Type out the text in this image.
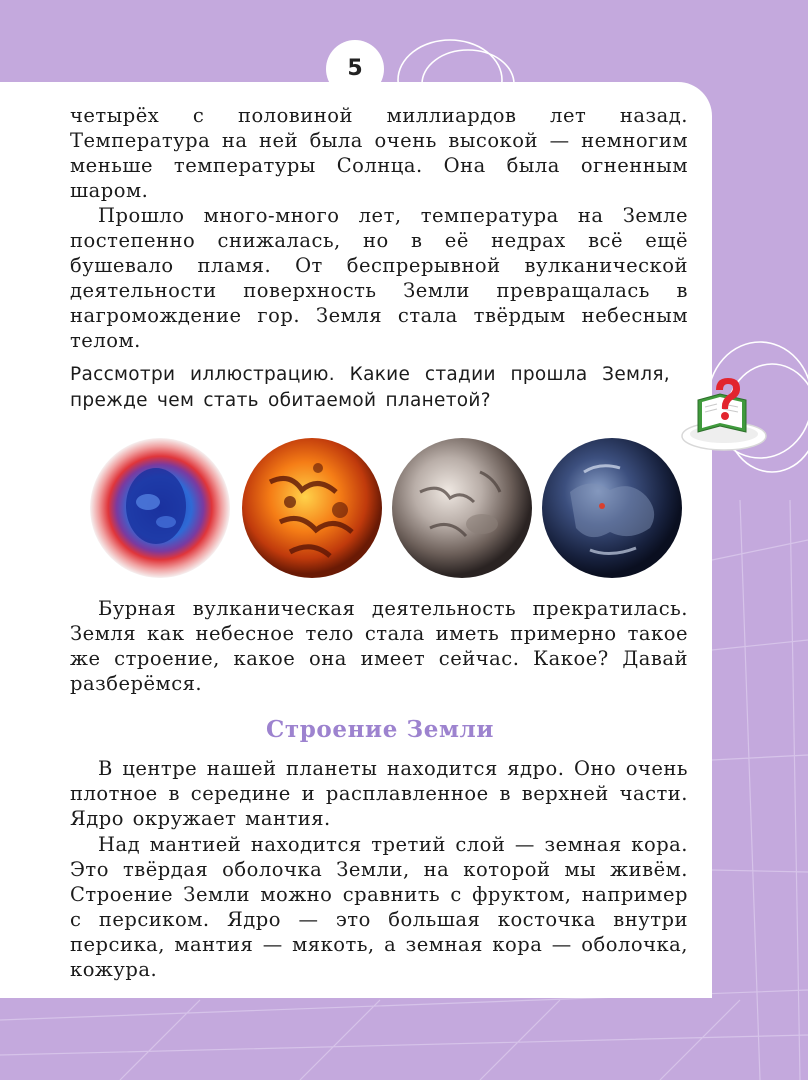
5

четырёх с половиной миллиардов лет назад. Температура на ней была очень высокой — немногим меньше температуры Солнца. Она была огненным шаром.

Прошло много-много лет, температура на Земле постепенно снижалась, но в её недрах всё ещё бушевало пламя. От беспрерывной вулканической деятельности поверхность Земли превращалась в нагромождение гор. Земля стала твёрдым небесным телом.

Рассмотри иллюстрацию. Какие стадии прошла Земля, прежде чем стать обитаемой планетой?

Бурная вулканическая деятельность прекратилась. Земля как небесное тело стала иметь примерно такое же строение, какое она имеет сейчас. Какое? Давай разберёмся.

Строение Земли

В центре нашей планеты находится ядро. Оно очень плотное в середине и расплавленное в верхней части. Ядро окружает мантия.

Над мантией находится третий слой — земная кора. Это твёрдая оболочка Земли, на которой мы живём. Строение Земли можно сравнить с фруктом, например с персиком. Ядро — это большая косточка внутри персика, мантия — мякоть, а земная кора — оболочка, кожура.
